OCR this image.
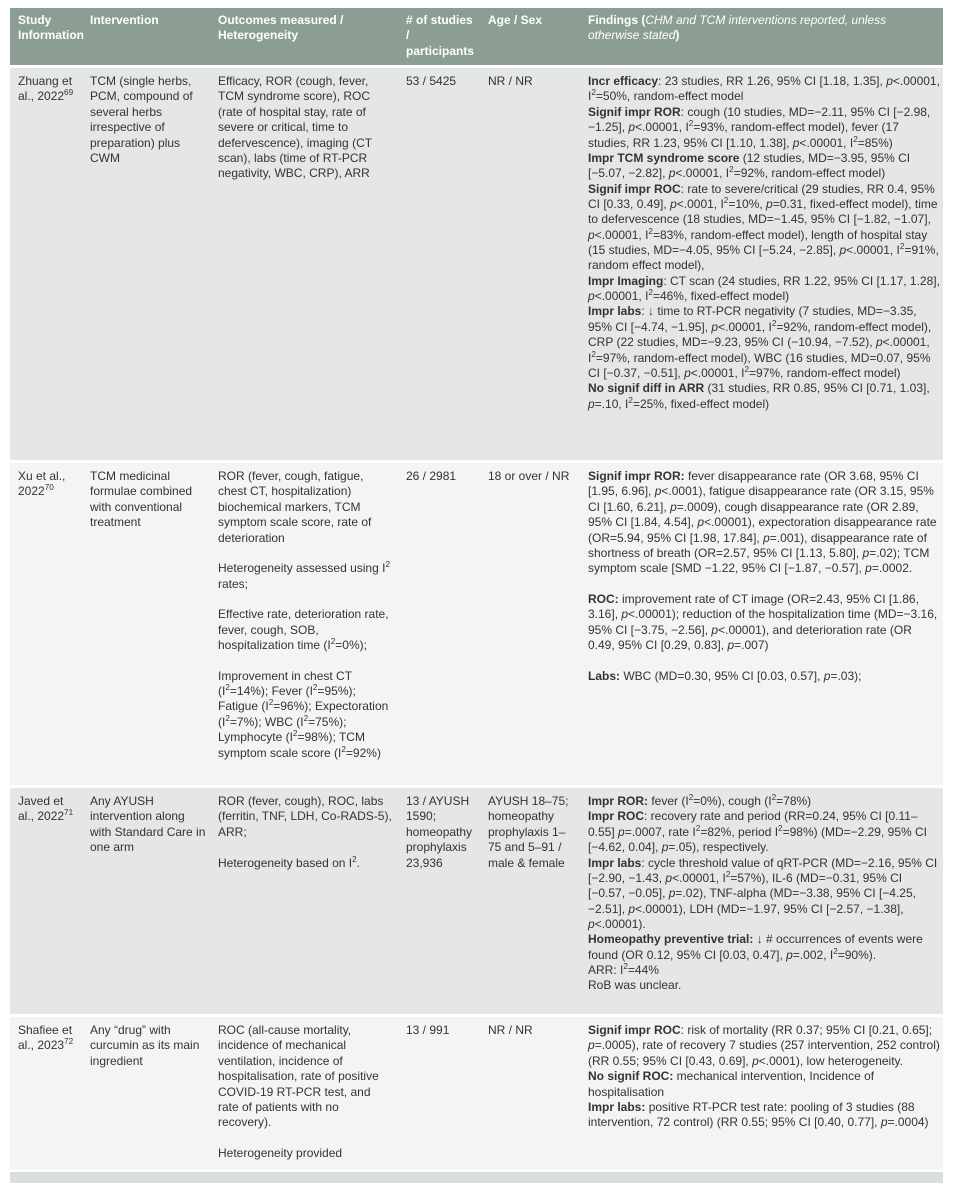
Study Information	Intervention	Outcomes measured / Heterogeneity	# of studies / participants	Age / Sex	Findings (CHM and TCM interventions reported, unless otherwise stated)
Zhuang et al., 2022$^{69}$	TCM (single herbs, PCM, compound of several herbs irrespective of preparation) plus CWM	Efficacy, ROR (cough, fever, TCM syndrome score), ROC (rate of hospital stay, rate of severe or critical, time to defervescence), imaging (CT scan), labs (time of RT-PCR negativity, WBC, CRP), ARR	53 / 5425	NR / NR	Incr efficacy: 23 studies, RR 1.26, 95% CI [1.18, 1.35], p<.00001, $I^2=50\%$, random-effect model
Signif impr ROR: cough (10 studies, MD=−2.11, 95% CI [−2.98, −1.25], p<.00001, $I^2=93\%$, random-effect model), fever (17 studies, RR 1.23, 95% CI [1.10, 1.38], p<.00001, $I^2=85\%$)
Impr TCM syndrome score (12 studies, MD=−3.95, 95% CI [−5.07, −2.82], p<.00001, $I^2=92\%$, random-effect model)
Signif impr ROC: rate to severe/critical (29 studies, RR 0.4, 95% CI [0.33, 0.49], p<.0001, $I^2=10\%$, p=0.31, fixed-effect model), time to defervescence (18 studies, MD=−1.45, 95% CI [−1.82, −1.07], p<.00001, $I^2=83\%$, random-effect model), length of hospital stay (15 studies, MD=−4.05, 95% CI [−5.24, −2.85], p<.00001, $I^2=91\%$, random effect model),
Impr Imaging: CT scan (24 studies, RR 1.22, 95% CI [1.17, 1.28], p<.00001, $I^2=46\%$, fixed-effect model)
Impr labs: ↓ time to RT-PCR negativity (7 studies, MD=−3.35, 95% CI [−4.74, −1.95], p<.00001, $I^2=92\%$, random-effect model), CRP (22 studies, MD=−9.23, 95% CI (−10.94, −7.52), p<.00001, $I^2=97\%$, random-effect model), WBC (16 studies, MD=0.07, 95% CI [−0.37, −0.51], p<.00001, $I^2=97\%$, random-effect model)
No signif diff in ARR (31 studies, RR 0.85, 95% CI [0.71, 1.03], p=.10, $I^2=25\%$, fixed-effect model)
Xu et al., 2022$^{70}$	TCM medicinal formulae combined with conventional treatment	ROR (fever, cough, fatigue, chest CT, hospitalization) biochemical markers, TCM symptom scale score, rate of deterioration

Heterogeneity assessed using $I^2$ rates;

Effective rate, deterioration rate, fever, cough, SOB, hospitalization time $(I^2=0\%)$;

Improvement in chest CT $(I^2=14\%)$; Fever $(I^2=95\%)$; Fatigue $(I^2=96\%)$; Expectoration $(I^2=7\%)$; WBC $(I^2=75\%)$; Lymphocyte $(I^2=98\%)$; TCM symptom scale score $(I^2=92\%)$	26 / 2981	18 or over / NR	Signif impr ROR: fever disappearance rate (OR 3.68, 95% CI [1.95, 6.96], p<.0001), fatigue disappearance rate (OR 3.15, 95% CI [1.60, 6.21], p=.0009), cough disappearance rate (OR 2.89, 95% CI [1.84, 4.54], p<.00001), expectoration disappearance rate (OR=5.94, 95% CI [1.98, 17.84], p=.001), disappearance rate of shortness of breath (OR=2.57, 95% CI [1.13, 5.80], p=.02); TCM symptom scale [SMD −1.22, 95% CI [−1.87, −0.57], p=.0002.

ROC: improvement rate of CT image (OR=2.43, 95% CI [1.86, 3.16], p<.00001); reduction of the hospitalization time (MD=−3.16, 95% CI [−3.75, −2.56], p<.00001), and deterioration rate (OR 0.49, 95% CI [0.29, 0.83], p=.007)

Labs: WBC (MD=0.30, 95% CI [0.03, 0.57], p=.03);
Javed et al., 2022$^{71}$	Any AYUSH intervention along with Standard Care in one arm	ROR (fever, cough), ROC, labs (ferritin, TNF, LDH, Co-RADS-5), ARR;

Heterogeneity based on $I^2$.	13 / AYUSH 1590; homeopathy prophylaxis 23,936	AYUSH 18–75; homeopathy prophylaxis 1–75 and 5–91 / male & female	Impr ROR: fever $(I^2=0\%)$, cough $(I^2=78\%)$
Impr ROC: recovery rate and period (RR=0.24, 95% CI [0.11–0.55] p=.0007, rate $I^2=82\%$, period $I^2=98\%$) (MD=−2.29, 95% CI [−4.62, 0.04], p=.05), respectively.
Impr labs: cycle threshold value of qRT-PCR (MD=−2.16, 95% CI [−2.90, −1.43, p<.00001, $I^2=57\%$), IL-6 (MD=−0.31, 95% CI [−0.57, −0.05], p=.02), TNF-alpha (MD=−3.38, 95% CI [−4.25, −2.51], p<.00001), LDH (MD=−1.97, 95% CI [−2.57, −1.38], p<.00001).
Homeopathy preventive trial: ↓ # occurrences of events were found (OR 0.12, 95% CI [0.03, 0.47], p=.002, $I^2=90\%$).
ARR: $I^2=44\%$
RoB was unclear.
Shafiee et al., 2023$^{72}$	Any “drug” with curcumin as its main ingredient	ROC (all-cause mortality, incidence of mechanical ventilation, incidence of hospitalisation, rate of positive COVID-19 RT-PCR test, and rate of patients with no recovery).

Heterogeneity provided	13 / 991	NR / NR	Signif impr ROC: risk of mortality (RR 0.37; 95% CI [0.21, 0.65]; p=.0005), rate of recovery 7 studies (257 intervention, 252 control) (RR 0.55; 95% CI [0.43, 0.69], p<.0001), low heterogeneity.
No signif ROC: mechanical intervention, Incidence of hospitalisation
Impr labs: positive RT-PCR test rate: pooling of 3 studies (88 intervention, 72 control) (RR 0.55; 95% CI [0.40, 0.77], p=.0004)
